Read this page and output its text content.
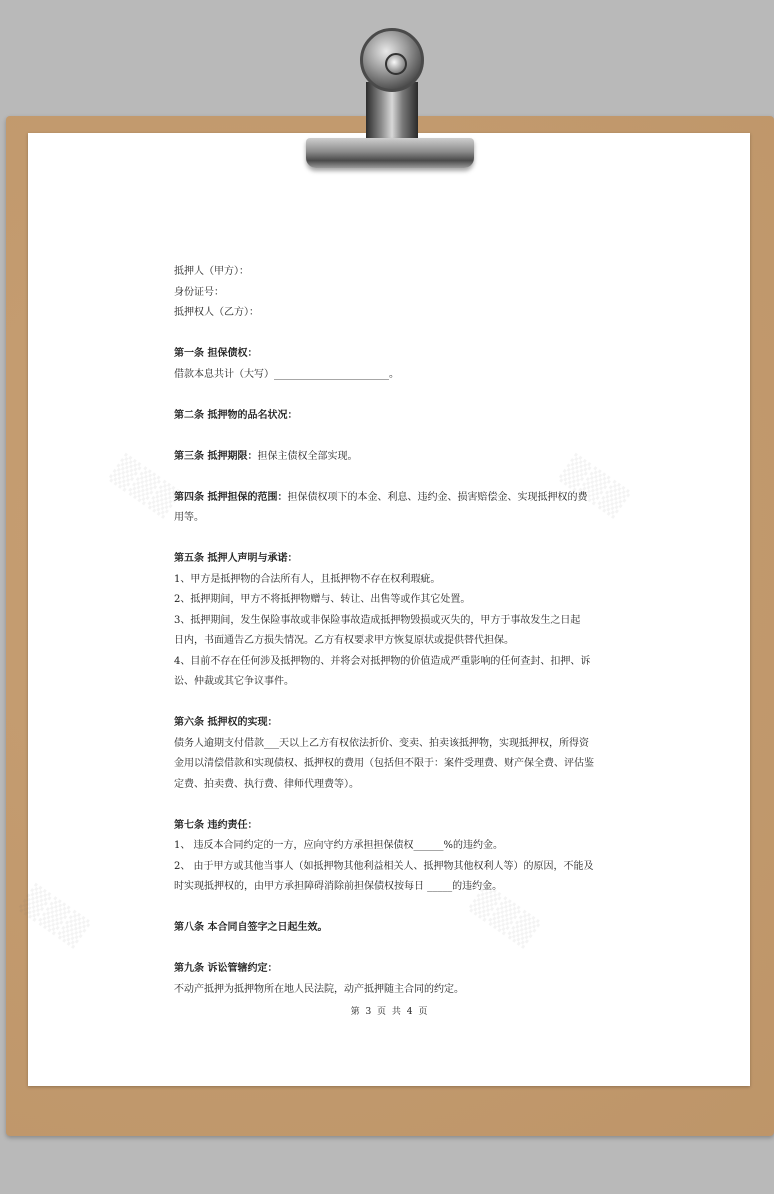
▒▒▒	▒▒▒
▒▒▒	▒▒▒

抵押人（甲方）：

身份证号：

抵押权人（乙方）：

第一条 担保债权：

借款本息共计（大写）_______________________。

第二条 抵押物的品名状况：

第三条 抵押期限：担保主债权全部实现。

第四条 抵押担保的范围：担保债权项下的本金、利息、违约金、损害赔偿金、实现抵押权的费

用等。

第五条 抵押人声明与承诺：

1、甲方是抵押物的合法所有人，且抵押物不存在权利瑕疵。

2、抵押期间，甲方不将抵押物赠与、转让、出售等或作其它处置。

3、抵押期间，发生保险事故或非保险事故造成抵押物毁损或灭失的，甲方于事故发生之日起

日内，书面通告乙方损失情况。乙方有权要求甲方恢复原状或提供替代担保。

4、目前不存在任何涉及抵押物的、并将会对抵押物的价值造成严重影响的任何查封、扣押、诉

讼、仲裁或其它争议事件。

第六条 抵押权的实现：

债务人逾期支付借款___天以上乙方有权依法折价、变卖、拍卖该抵押物，实现抵押权，所得资

金用以清偿借款和实现债权、抵押权的费用（包括但不限于：案件受理费、财产保全费、评估鉴

定费、拍卖费、执行费、律师代理费等）。

第七条 违约责任：

1、 违反本合同约定的一方，应向守约方承担担保债权______%的违约金。

2、 由于甲方或其他当事人（如抵押物其他利益相关人、抵押物其他权利人等）的原因，不能及

时实现抵押权的，由甲方承担障碍消除前担保债权按每日 _____的违约金。

第八条 本合同自签字之日起生效。

第九条 诉讼管辖约定：

不动产抵押为抵押物所在地人民法院，动产抵押随主合同的约定。

第 3 页 共 4 页
